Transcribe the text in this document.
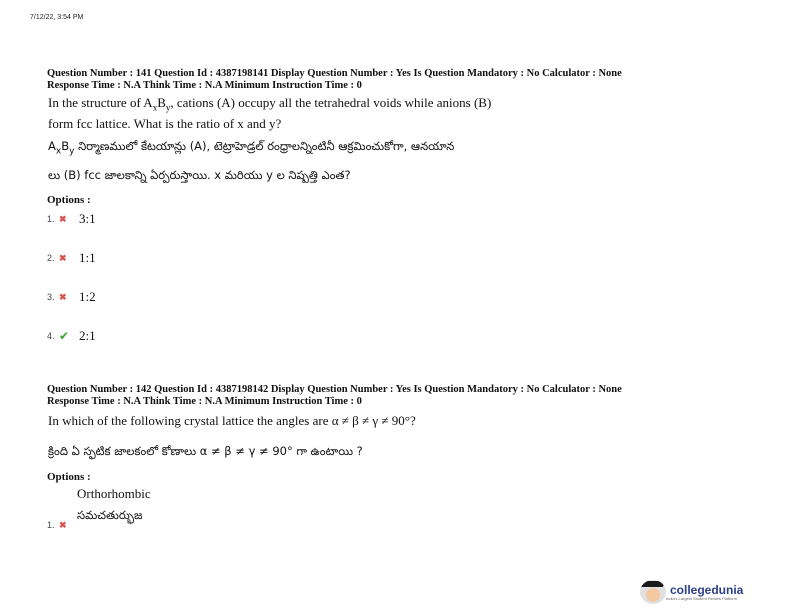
7/12/22, 3:54 PM
Question Number : 141 Question Id : 4387198141 Display Question Number : Yes Is Question Mandatory : No Calculator : None
Response Time : N.A Think Time : N.A Minimum Instruction Time : 0
In the structure of $A_xB_y$, cations (A) occupy all the tetrahedral voids while anions (B)
form fcc lattice. What is the ratio of x and y?
$A_xB_y$ నిర్మాణములో కేటయాన్లు (A), టెట్రాహెడ్రల్ రంధ్రాలన్నింటినీ ఆక్రమించుకోగా, ఆనయాన
లు (B) fcc జాలకాన్ని ఏర్పరుస్తాయి. x మరియు y ల నిష్పత్తి ఎంత?
Options :
1. ✖ 3:1
2. ✖ 1:1
3. ✖ 1:2
4. ✔ 2:1
Question Number : 142 Question Id : 4387198142 Display Question Number : Yes Is Question Mandatory : No Calculator : None
Response Time : N.A Think Time : N.A Minimum Instruction Time : 0
In which of the following crystal lattice the angles are α ≠ β ≠ γ ≠ 90°?
క్రింది ఏ స్ఫటిక జాలకంలో కోణాలు α ≠ β ≠ γ ≠ 90° గా ఉంటాయి ?
Options :
Orthorhombic
సమచతుర్భుజ
1. ✖
collegedunia
India's Largest Student Review Platform
